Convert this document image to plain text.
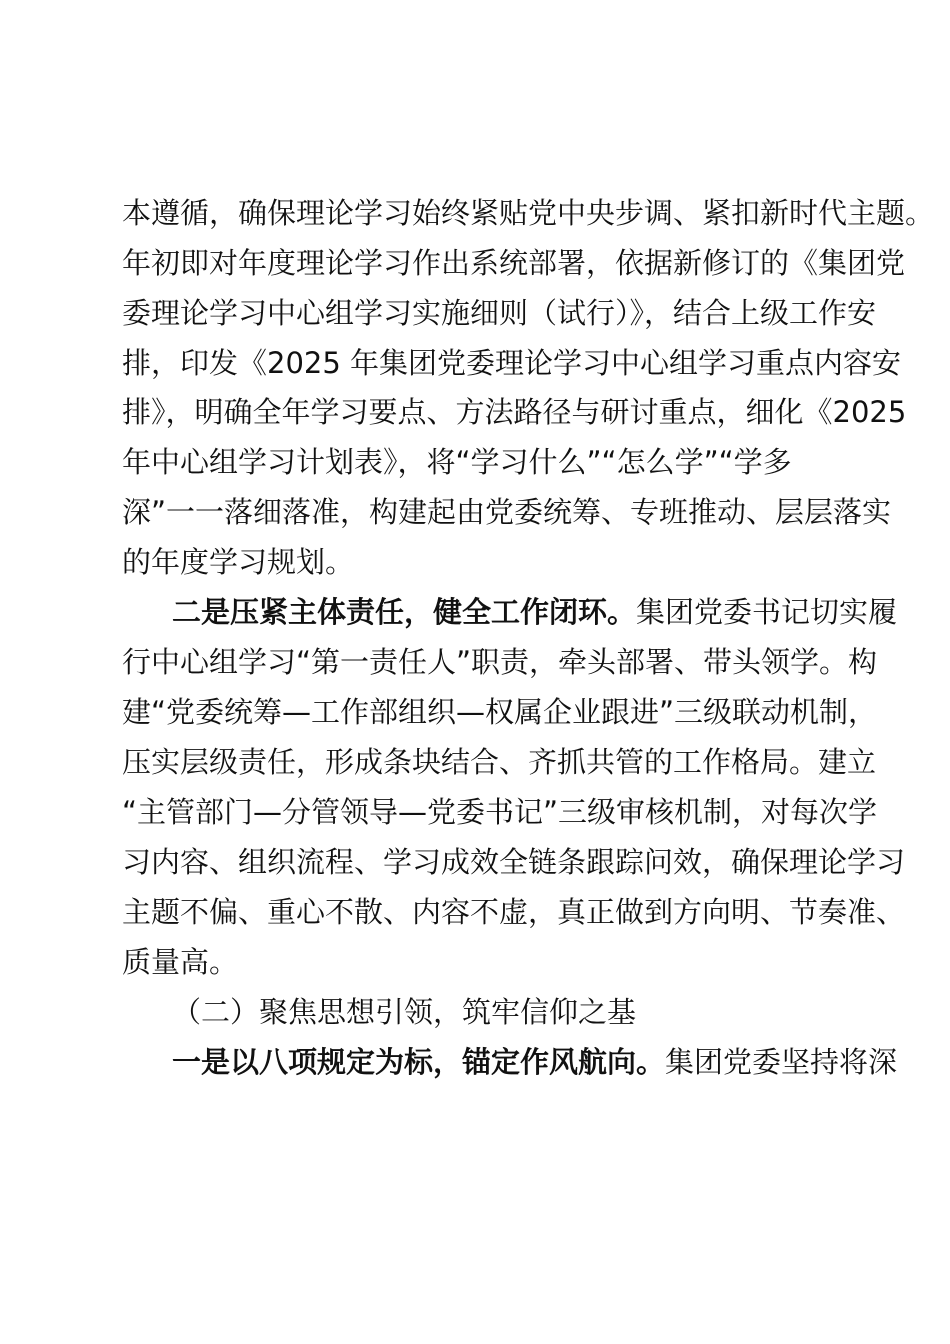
本遵循，确保理论学习始终紧贴党中央步调、紧扣新时代主题。
年初即对年度理论学习作出系统部署，依据新修订的《集团党
委理论学习中心组学习实施细则（试行）》，结合上级工作安
排，印发《2025 年集团党委理论学习中心组学习重点内容安
排》，明确全年学习要点、方法路径与研讨重点，细化《2025
年中心组学习计划表》，将“学习什么”“怎么学”“学多
深”一一落细落准，构建起由党委统筹、专班推动、层层落实
的年度学习规划。
二是压紧主体责任，健全工作闭环。集团党委书记切实履
行中心组学习“第一责任人”职责，牵头部署、带头领学。构
建“党委统筹—工作部组织—权属企业跟进”三级联动机制，
压实层级责任，形成条块结合、齐抓共管的工作格局。建立
“主管部门—分管领导—党委书记”三级审核机制，对每次学
习内容、组织流程、学习成效全链条跟踪问效，确保理论学习
主题不偏、重心不散、内容不虚，真正做到方向明、节奏准、
质量高。
（二）聚焦思想引领，筑牢信仰之基
一是以八项规定为标，锚定作风航向。集团党委坚持将深
